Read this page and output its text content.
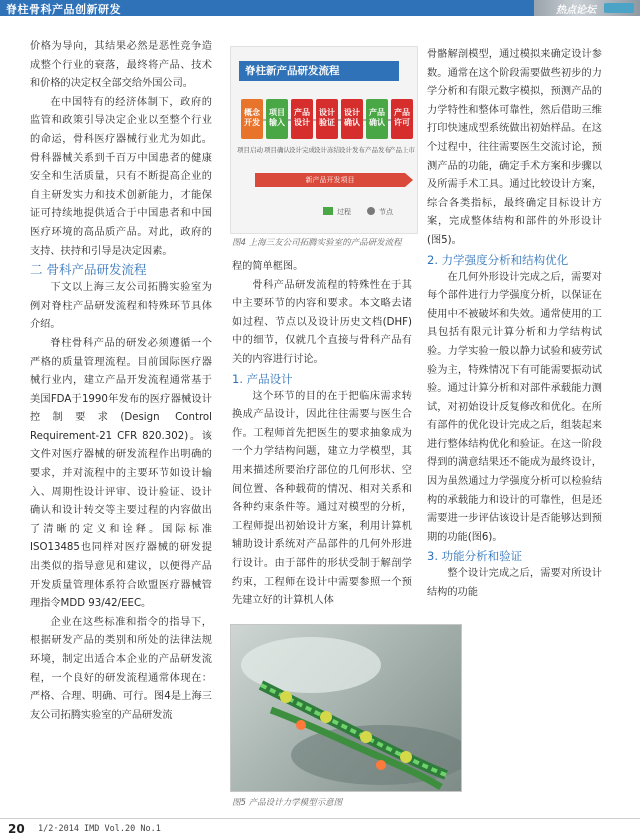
脊柱骨科产品创新研发	热点论坛

价格为导向，其结果必然是恶性竞争造成整个行业的衰落，最终将产品、技术和价格的决定权全部交给外国公司。

在中国特有的经济体制下，政府的监管和政策引导决定企业以至整个行业的命运，骨科医疗器械行业尤为如此。骨科器械关系到千百万中国患者的健康安全和生活质量，只有不断提高企业的自主研发实力和技术创新能力，才能保证可持续地提供适合于中国患者和中国医疗环境的高品质产品。对此，政府的支持、扶持和引导是决定因素。

二 骨科产品研发流程

下文以上海三友公司拓腾实验室为例对脊柱产品研发流程和特殊环节具体介绍。

脊柱骨科产品的研发必须遵循一个严格的质量管理流程。目前国际医疗器械行业内，建立产品开发流程通常基于美国FDA于1990年发布的医疗器械设计控制要求(Design Control Requirement-21 CFR 820.302)。该文件对医疗器械的研发流程作出明确的要求，并对流程中的主要环节如设计输入、周期性设计评审、设计验证、设计确认和设计转交等主要过程的内容做出了清晰的定义和诠释。国际标准ISO13485也同样对医疗器械的研发提出类似的指导意见和建议，以便得产品开发质量管理体系符合欧盟医疗器械管理指令MDD 93/42/EEC。

企业在这些标准和指令的指导下，根据研发产品的类别和所处的法律法规环境，制定出适合本企业的产品研发流程，一个良好的研发流程通常体现在：严格、合理、明确、可行。图4是上海三友公司拓腾实验室的产品研发流

脊柱新产品研发流程
概念开发
项目输入
产品设计
设计验证
设计确认
产品确认
产品许可
项目启动 项目确认 设计完成 设计冻结 设计发布 产品发布
产品上市
新产品开发项目
过程	节点
图4 上海三友公司拓腾实验室的产品研发流程

程的简单框图。

骨科产品研发流程的特殊性在于其中主要环节的内容和要求。本文略去诸如过程、节点以及设计历史文档(DHF)中的细节，仅就几个直接与骨科产品有关的内容进行讨论。

1. 产品设计

这个环节的目的在于把临床需求转换成产品设计，因此往往需要与医生合作。工程师首先把医生的要求抽象成为一个力学结构问题，建立力学模型，其用来描述所要治疗部位的几何形状、空间位置、各种载荷的情况、相对关系和各种约束条件等。通过对模型的分析，工程师提出初始设计方案，利用计算机辅助设计系统对产品部件的几何外形进行设计。由于部件的形状受制于解剖学约束，工程师在设计中需要参照一个预先建立好的计算机人体

骨骼解剖模型，通过模拟来确定设计参数。通常在这个阶段需要做些初步的力学分析和有限元数字模拟，预测产品的力学特性和整体可靠性，然后借助三维打印快速成型系统做出初始样品。在这个过程中，往往需要医生交流讨论，预测产品的功能，确定手术方案和步骤以及所需手术工具。通过比较设计方案，综合各类指标，最终确定目标设计方案，完成整体结构和部件的外形设计(图5)。

2. 力学强度分析和结构优化

在几何外形设计完成之后，需要对每个部件进行力学强度分析，以保证在使用中不被破坏和失效。通常使用的工具包括有限元计算分析和力学结构试验。力学实验一般以静力试验和疲劳试验为主，特殊情况下有可能需要振动试验。通过计算分析和对部件承载能力测试，对初始设计反复修改和优化。在所有部件的优化设计完成之后，组装起来进行整体结构优化和验证。在这一阶段得到的满意结果还不能成为最终设计，因为虽然通过力学强度分析可以检验结构的承载能力和设计的可靠性，但是还需要进一步评估该设计是否能够达到预期的功能(图6)。

3. 功能分析和验证

整个设计完成之后，需要对所设计结构的功能

图5 产品设计力学模型示意图
20 1/2·2014 IMD Vol.20 No.1
